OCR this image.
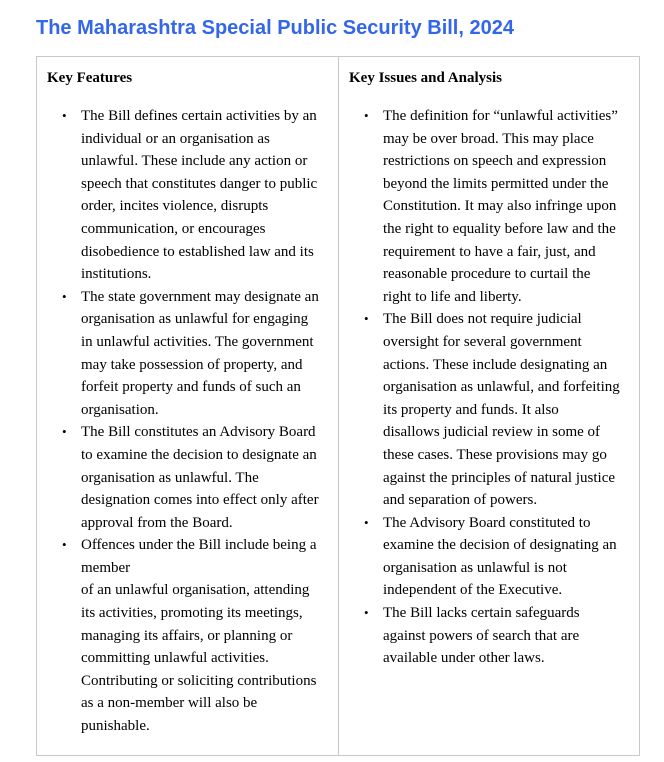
The Maharashtra Special Public Security Bill, 2024
Key Features
• The Bill defines certain activities by an
individual or an organisation as
unlawful. These include any action or
speech that constitutes danger to public
order, incites violence, disrupts
communication, or encourages
disobedience to established law and its
institutions.
• The state government may designate an
organisation as unlawful for engaging
in unlawful activities. The government
may take possession of property, and
forfeit property and funds of such an
organisation.
• The Bill constitutes an Advisory Board
to examine the decision to designate an
organisation as unlawful. The
designation comes into effect only after
approval from the Board.
• Offences under the Bill include being a
member
of an unlawful organisation, attending
its activities, promoting its meetings,
managing its affairs, or planning or
committing unlawful activities.
Contributing or soliciting contributions
as a non-member will also be
punishable.
Key Issues and Analysis
• The definition for “unlawful activities”
may be over broad. This may place
restrictions on speech and expression
beyond the limits permitted under the
Constitution. It may also infringe upon
the right to equality before law and the
requirement to have a fair, just, and
reasonable procedure to curtail the
right to life and liberty.
• The Bill does not require judicial
oversight for several government
actions. These include designating an
organisation as unlawful, and forfeiting
its property and funds. It also
disallows judicial review in some of
these cases. These provisions may go
against the principles of natural justice
and separation of powers.
• The Advisory Board constituted to
examine the decision of designating an
organisation as unlawful is not
independent of the Executive.
• The Bill lacks certain safeguards
against powers of search that are
available under other laws.
